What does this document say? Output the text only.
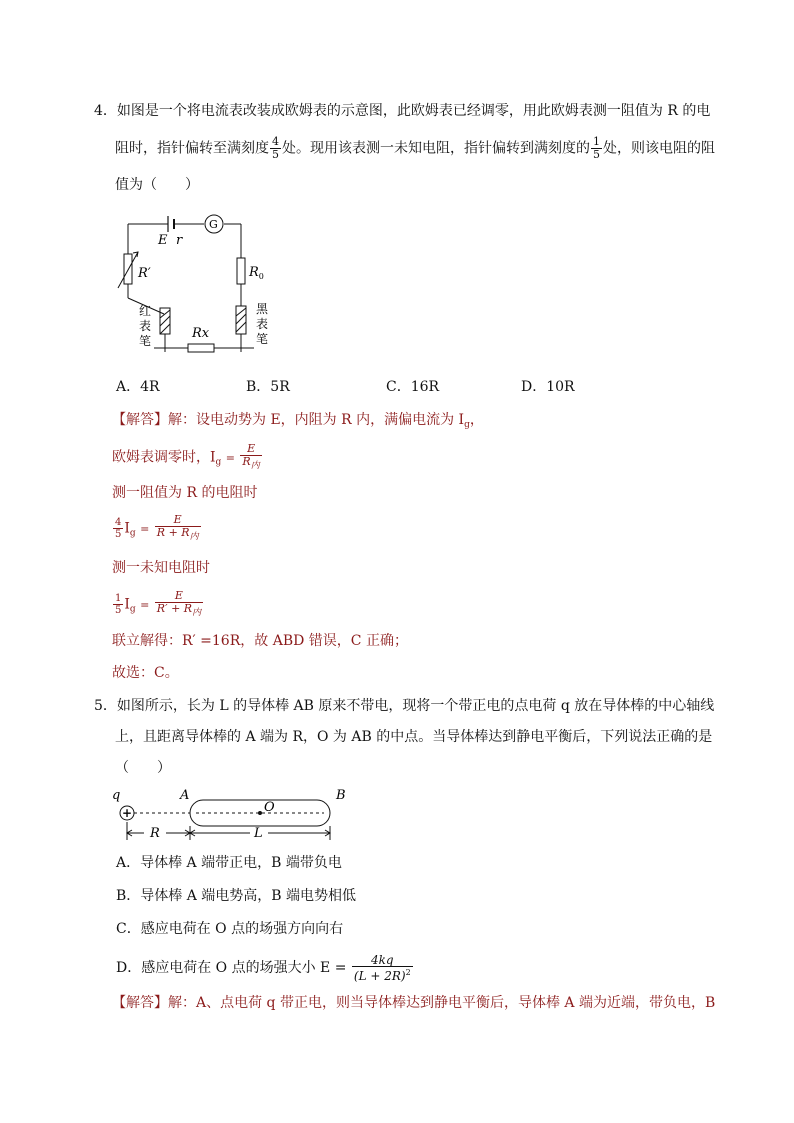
4．如图是一个将电流表改装成欧姆表的示意图，此欧姆表已经调零，用此欧姆表测一阻值为 R 的电
阻时，指针偏转至满刻度 $\frac{4}{5}$ 处。现用该表测一未知电阻，指针偏转到满刻度的 $\frac{1}{5}$ 处，则该电阻的阻
值为（　　）
E r
G
R′	$R_0$
Rx
红
表
笔
黑
表
笔
A．4R	B．5R	C．16R	D．10R
【解答】解：设电动势为 E，内阻为 R 内，满偏电流为 $I_g$，
欧姆表调零时，$I_g = \frac{E}{R_内}$
测一阻值为 R 的电阻时
$\frac{4}{5} I_g = \frac{E}{R + R_内}$
测一未知电阻时
$\frac{1}{5} I_g = \frac{E}{R' + R_内}$
联立解得：R′ =16R，故 ABD 错误，C 正确；
故选：C。
5．如图所示，长为 L 的导体棒 AB 原来不带电，现将一个带正电的点电荷 q 放在导体棒的中心轴线
上，且距离导体棒的 A 端为 R，O 为 AB 的中点。当导体棒达到静电平衡后，下列说法正确的是
（　　）
+
q	A	B
O
R	L
A．导体棒 A 端带正电，B 端带负电
B．导体棒 A 端电势高，B 端电势相低
C．感应电荷在 O 点的场强方向向右
D．感应电荷在 O 点的场强大小 $E = \frac{4kq}{(L + 2R)^2}$
【解答】解：A、点电荷 q 带正电，则当导体棒达到静电平衡后，导体棒 A 端为近端，带负电，B
